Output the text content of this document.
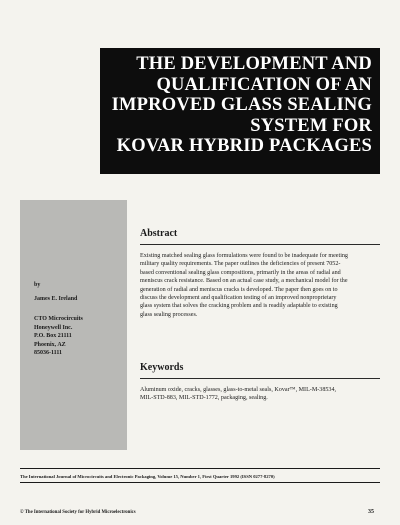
THE DEVELOPMENT AND
QUALIFICATION OF AN
IMPROVED GLASS SEALING
SYSTEM FOR
KOVAR HYBRID PACKAGES
by
James E. Ireland
CTO Microcircuits
Honeywell Inc.
P.O. Box 21111
Phoenix, AZ
85036-1111
Abstract
Existing matched sealing glass formulations were found to be inadequate for meeting
military quality requirements. The paper outlines the deficiencies of present 7052-
based conventional sealing glass compositions, primarily in the areas of radial and
meniscus crack resistance. Based on an actual case study, a mechanical model for the
generation of radial and meniscus cracks is developed. The paper then goes on to
discuss the development and qualification testing of an improved nonproprietary
glass system that solves the cracking problem and is readily adaptable to existing
glass sealing processes.
Keywords
Aluminum oxide, cracks, glasses, glass-to-metal seals, Kovar™, MIL-M-38534,
MIL-STD-883, MIL-STD-1772, packaging, sealing.
The International Journal of Microcircuits and Electronic Packaging, Volume 15, Number 1, First Quarter 1992 (ISSN 0277-8270)
© The International Society for Hybrid Microelectronics	35
